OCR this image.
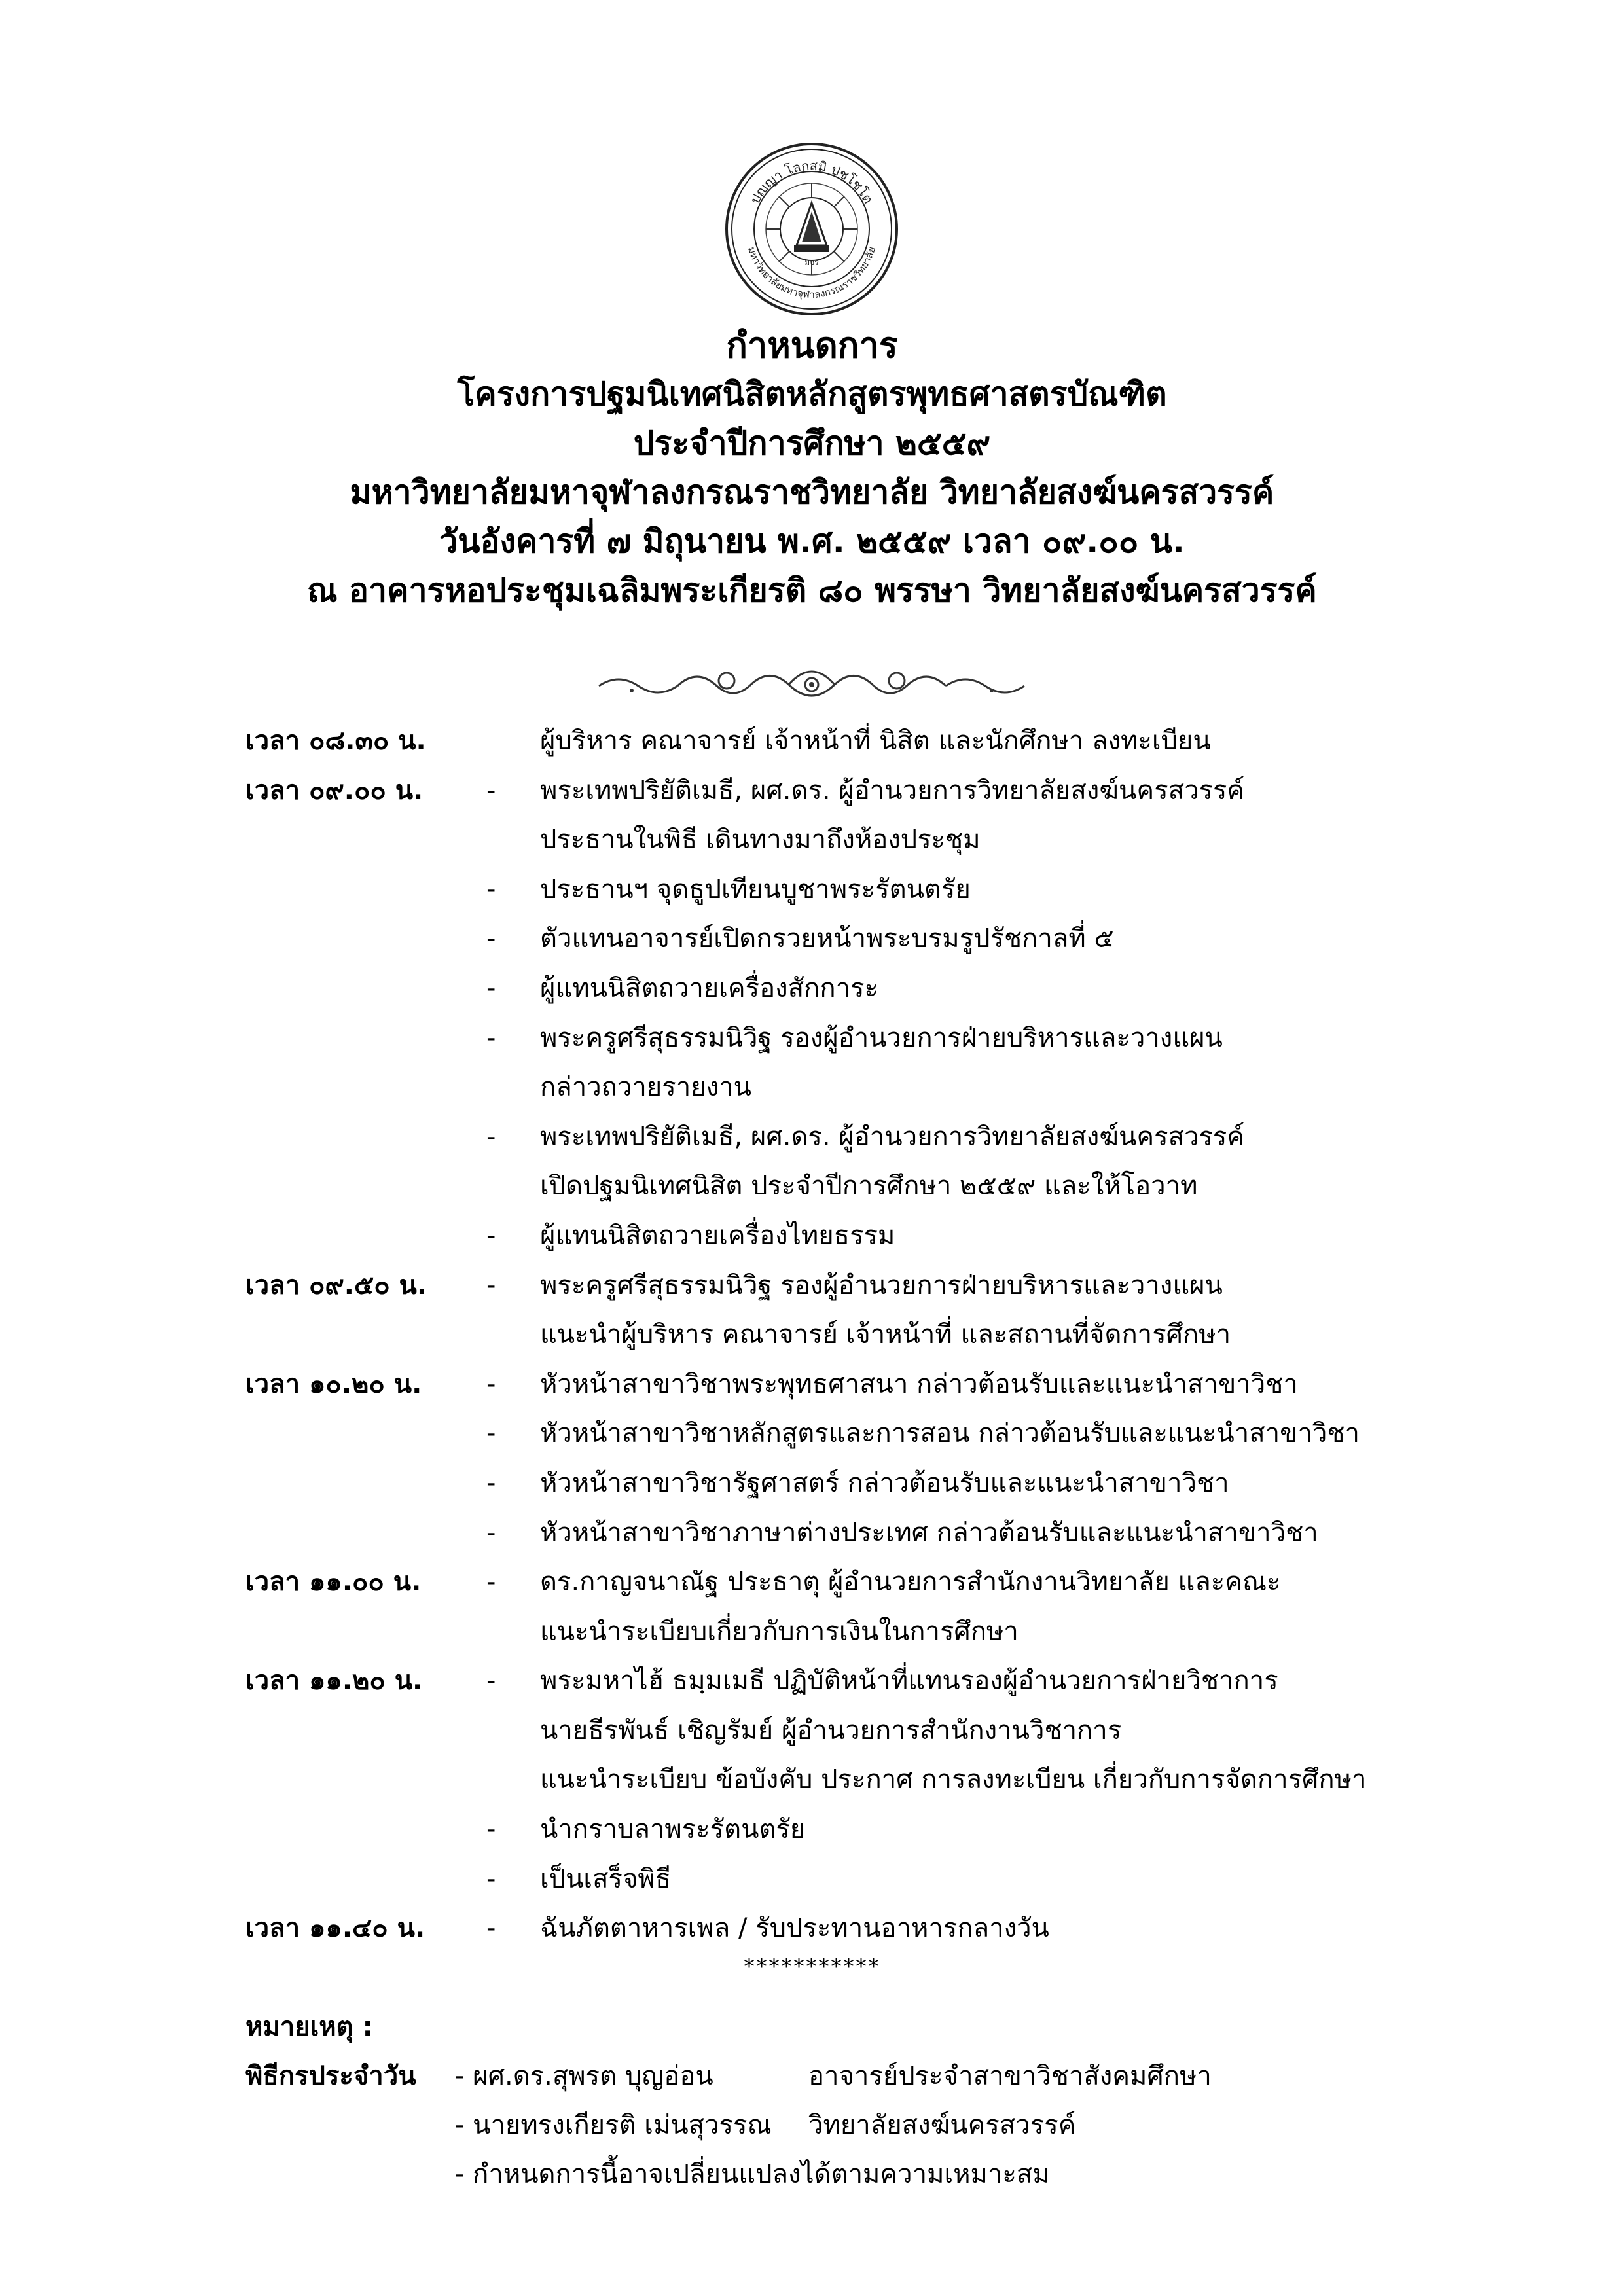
ปญฺญา โลกสฺมิ ปชฺโชโต
มหาวิทยาลัยมหาจุฬาลงกรณราชวิทยาลัย
มจร
กำหนดการ
โครงการปฐมนิเทศนิสิตหลักสูตรพุทธศาสตรบัณฑิต
ประจำปีการศึกษา ๒๕๕๙
มหาวิทยาลัยมหาจุฬาลงกรณราชวิทยาลัย วิทยาลัยสงฆ์นครสวรรค์
วันอังคารที่ ๗ มิถุนายน พ.ศ. ๒๕๕๙ เวลา ๐๙.๐๐ น.
ณ อาคารหอประชุมเฉลิมพระเกียรติ ๘๐ พรรษา วิทยาลัยสงฆ์นครสวรรค์
เวลา ๐๘.๓๐ น.	ผู้บริหาร คณาจารย์ เจ้าหน้าที่ นิสิต และนักศึกษา ลงทะเบียน
เวลา ๐๙.๐๐ น. - พระเทพปริยัติเมธี, ผศ.ดร. ผู้อำนวยการวิทยาลัยสงฆ์นครสวรรค์
ประธานในพิธี เดินทางมาถึงห้องประชุม
- ประธานฯ จุดธูปเทียนบูชาพระรัตนตรัย
- ตัวแทนอาจารย์เปิดกรวยหน้าพระบรมรูปรัชกาลที่ ๕
- ผู้แทนนิสิตถวายเครื่องสักการะ
- พระครูศรีสุธรรมนิวิฐ รองผู้อำนวยการฝ่ายบริหารและวางแผน
กล่าวถวายรายงาน
- พระเทพปริยัติเมธี, ผศ.ดร. ผู้อำนวยการวิทยาลัยสงฆ์นครสวรรค์
เปิดปฐมนิเทศนิสิต ประจำปีการศึกษา ๒๕๕๙ และให้โอวาท
- ผู้แทนนิสิตถวายเครื่องไทยธรรม
เวลา ๐๙.๕๐ น. - พระครูศรีสุธรรมนิวิฐ รองผู้อำนวยการฝ่ายบริหารและวางแผน
แนะนำผู้บริหาร คณาจารย์ เจ้าหน้าที่ และสถานที่จัดการศึกษา
เวลา ๑๐.๒๐ น. - หัวหน้าสาขาวิชาพระพุทธศาสนา กล่าวต้อนรับและแนะนำสาขาวิชา
- หัวหน้าสาขาวิชาหลักสูตรและการสอน กล่าวต้อนรับและแนะนำสาขาวิชา
- หัวหน้าสาขาวิชารัฐศาสตร์ กล่าวต้อนรับและแนะนำสาขาวิชา
- หัวหน้าสาขาวิชาภาษาต่างประเทศ กล่าวต้อนรับและแนะนำสาขาวิชา
เวลา ๑๑.๐๐ น. - ดร.กาญจนาณัฐ ประธาตุ ผู้อำนวยการสำนักงานวิทยาลัย และคณะ
แนะนำระเบียบเกี่ยวกับการเงินในการศึกษา
เวลา ๑๑.๒๐ น. - พระมหาไฮ้ ธมฺมเมธี ปฏิบัติหน้าที่แทนรองผู้อำนวยการฝ่ายวิชาการ
นายธีรพันธ์ เชิญรัมย์ ผู้อำนวยการสำนักงานวิชาการ
แนะนำระเบียบ ข้อบังคับ ประกาศ การลงทะเบียน เกี่ยวกับการจัดการศึกษา
- นำกราบลาพระรัตนตรัย
- เป็นเสร็จพิธี
เวลา ๑๑.๔๐ น. - ฉันภัตตาหารเพล / รับประทานอาหารกลางวัน
***********
หมายเหตุ :
พิธีกรประจำวัน - ผศ.ดร.สุพรต บุญอ่อน	อาจารย์ประจำสาขาวิชาสังคมศึกษา
- นายทรงเกียรติ เม่นสุวรรณ วิทยาลัยสงฆ์นครสวรรค์
- กำหนดการนี้อาจเปลี่ยนแปลงได้ตามความเหมาะสม
